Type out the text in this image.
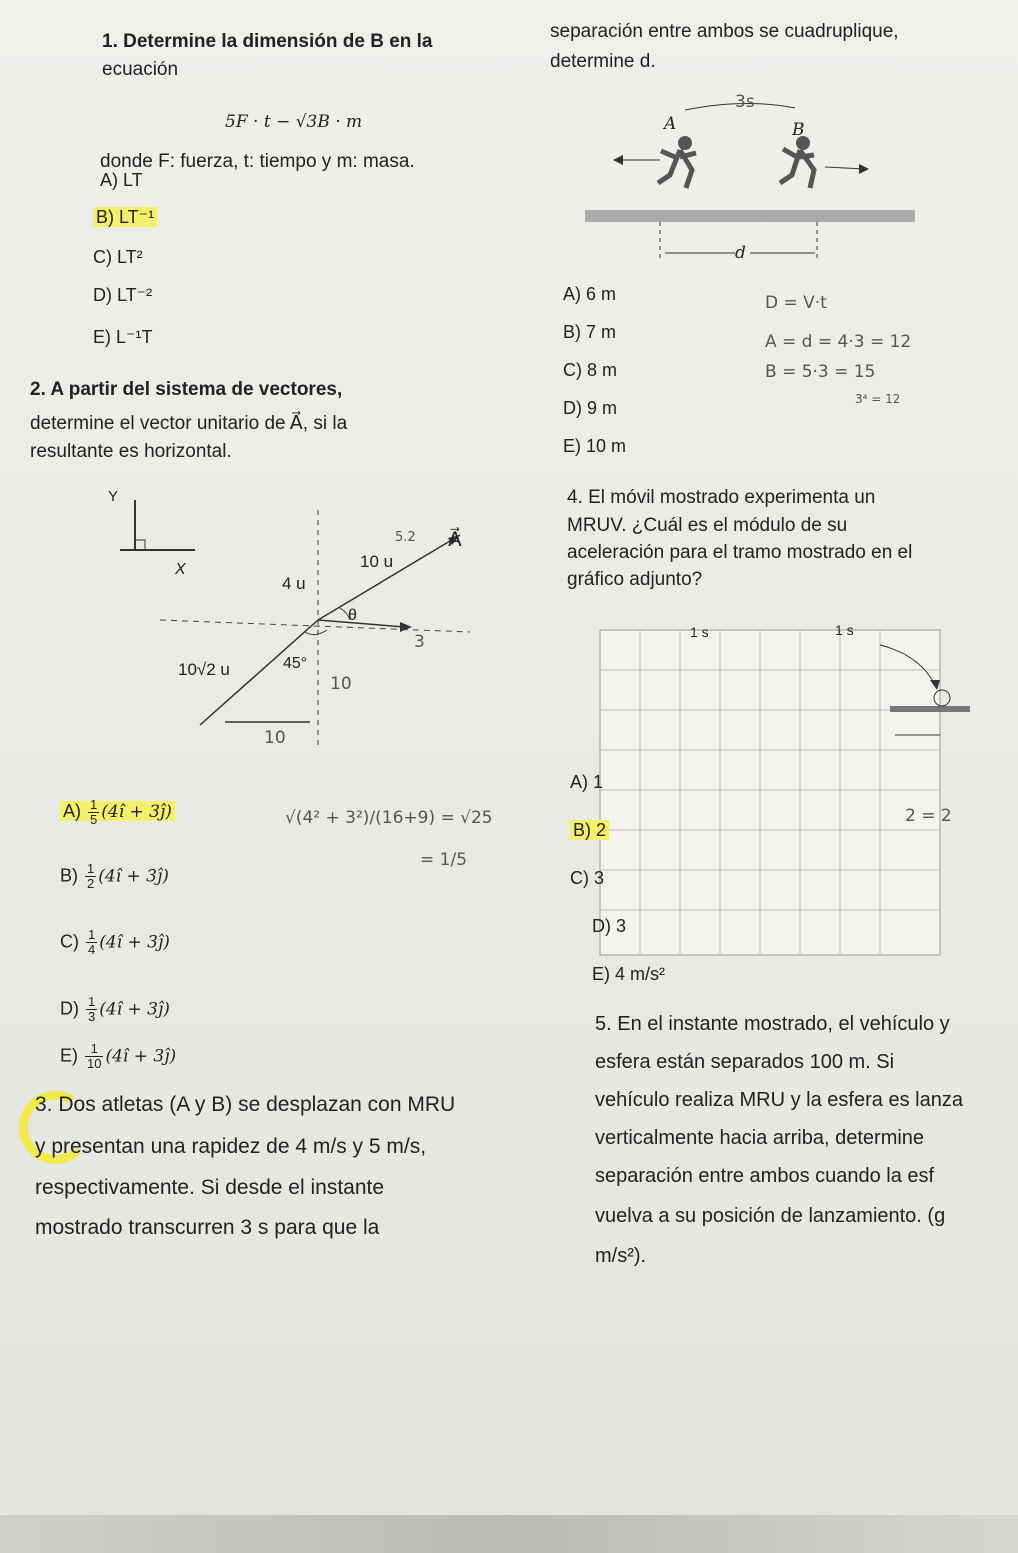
1. Determine la dimensión de B en la
ecuación
5F · t − √3B · m
donde F: fuerza, t: tiempo y m: masa.
A) LT
B) LT⁻¹
C) LT²
D) LT⁻²
E) L⁻¹T
2. A partir del sistema de vectores,
determine el vector unitario de A⃗, si la
resultante es horizontal.
Y
X
A⃗
5.2
10 u
4 u
θ
3
10√2 u	45°
10
10
$A) \frac{1}{5}$ (4î + 3ĵ)
$B) \frac{1}{2}$ (4î + 3ĵ)
$C) \frac{1}{4}$ (4î + 3ĵ)
$D) \frac{1}{3}$ (4î + 3ĵ)
$E) \frac{1}{10}$ (4î + 3ĵ)
√(4² + 3²)/(16+9) = √25
= 1/5
3. Dos atletas (A y B) se desplazan con MRU
y presentan una rapidez de 4 m/s y 5 m/s,
respectivamente. Si desde el instante
mostrado transcurren 3 s para que la
separación entre ambos se cuadruplique,
determine d.
3s
A	B
d
A) 6 m
B) 7 m
C) 8 m
D) 9 m
E) 10 m
D = V·t
A = d = 4·3 = 12
B = 5·3 = 15
3⁴ = 12
4. El móvil mostrado experimenta un
MRUV. ¿Cuál es el módulo de su
aceleración para el tramo mostrado en el
gráfico adjunto?
1 s	1 s
A) 1
B) 2
C) 3
D) 3
E) 4 m/s²
2 = 2
5. En el instante mostrado, el vehículo y
esfera están separados 100 m. Si
vehículo realiza MRU y la esfera es lanza
verticalmente hacia arriba, determine
separación entre ambos cuando la esf
vuelva a su posición de lanzamiento. (g
m/s²).
